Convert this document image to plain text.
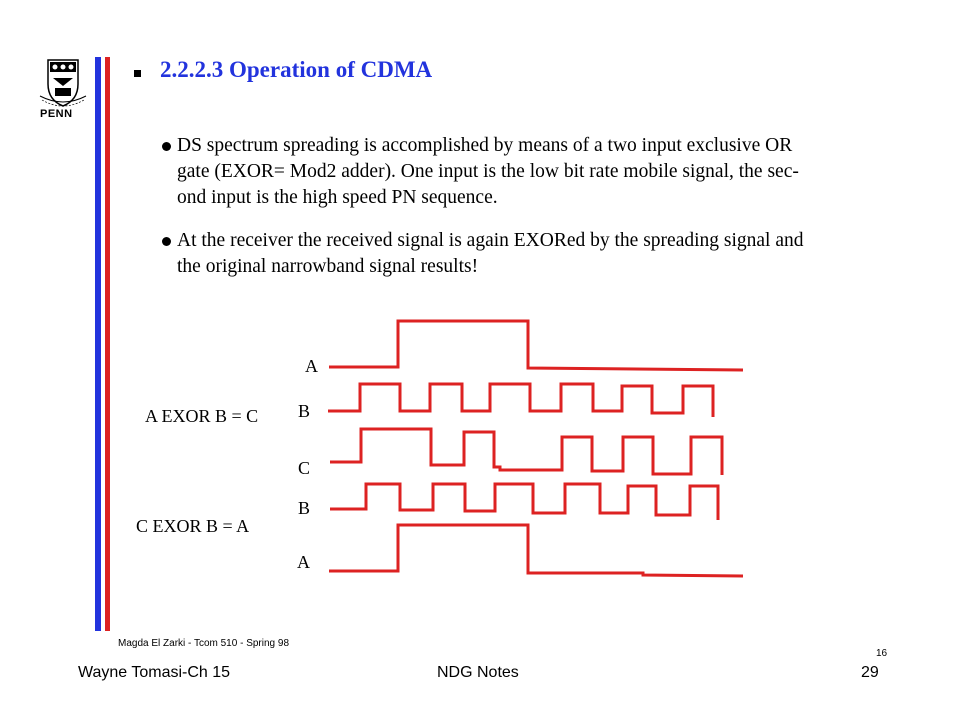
PENN
2.2.2.3 Operation of CDMA
DS spectrum spreading is accomplished by means of a two input exclusive OR
gate (EXOR= Mod2 adder). One input is the low bit rate mobile signal, the sec-
ond input is the high speed PN sequence.
At the receiver the received signal is again EXORed by the spreading signal and
the original narrowband signal results!
A
B
A EXOR B = C
C
B
C EXOR B = A
A
Magda El Zarki - Tcom 510 - Spring 98
16
Wayne Tomasi-Ch 15	NDG Notes	29
